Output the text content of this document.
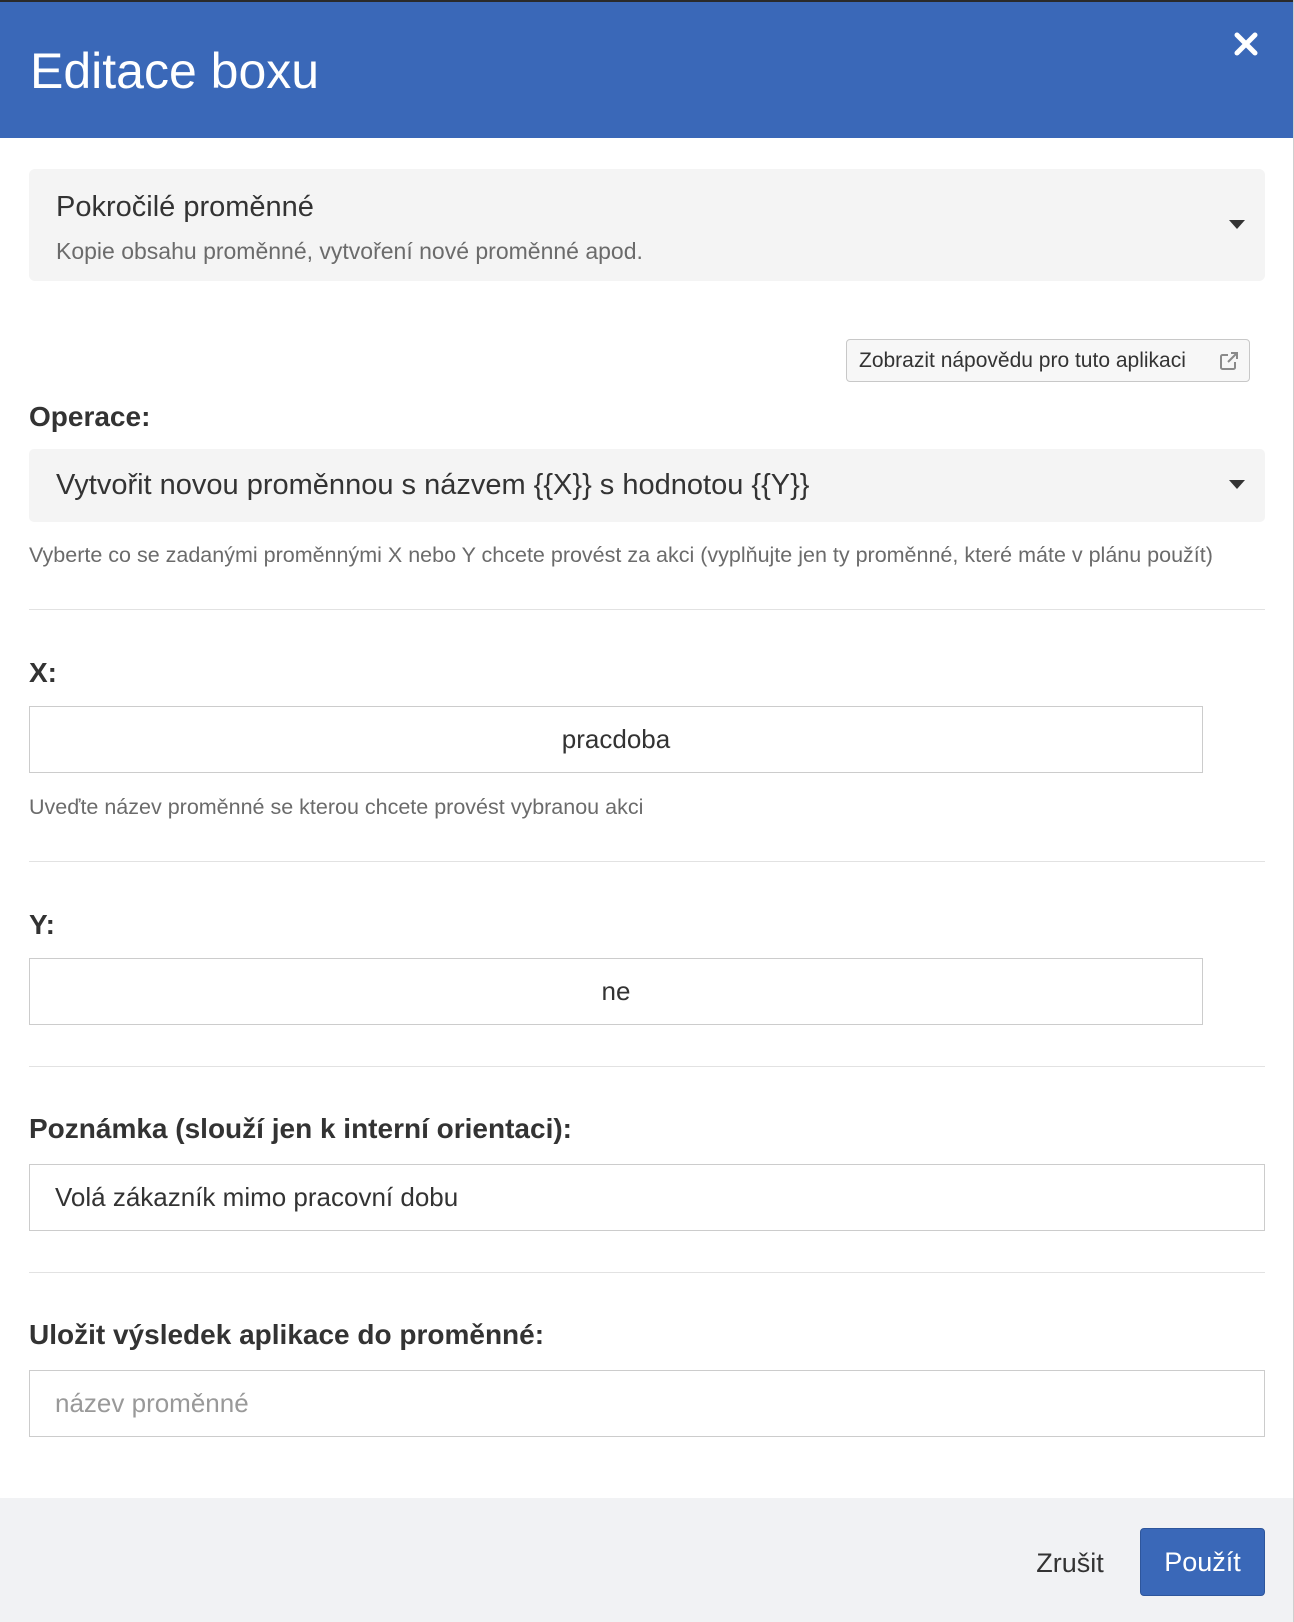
Editace boxu
Pokročilé proměnné
Kopie obsahu proměnné, vytvoření nové proměnné apod.
Zobrazit nápovědu pro tuto aplikaci
Operace:
Vytvořit novou proměnnou s názvem {{X}} s hodnotou {{Y}}
Vyberte co se zadanými proměnnými X nebo Y chcete provést za akci (vyplňujte jen ty proměnné, které máte v plánu použít)
X:
pracdoba
Uveďte název proměnné se kterou chcete provést vybranou akci
Y:
ne
Poznámka (slouží jen k interní orientaci):
Volá zákazník mimo pracovní dobu
Uložit výsledek aplikace do proměnné:
název proměnné
Zrušit	Použít
